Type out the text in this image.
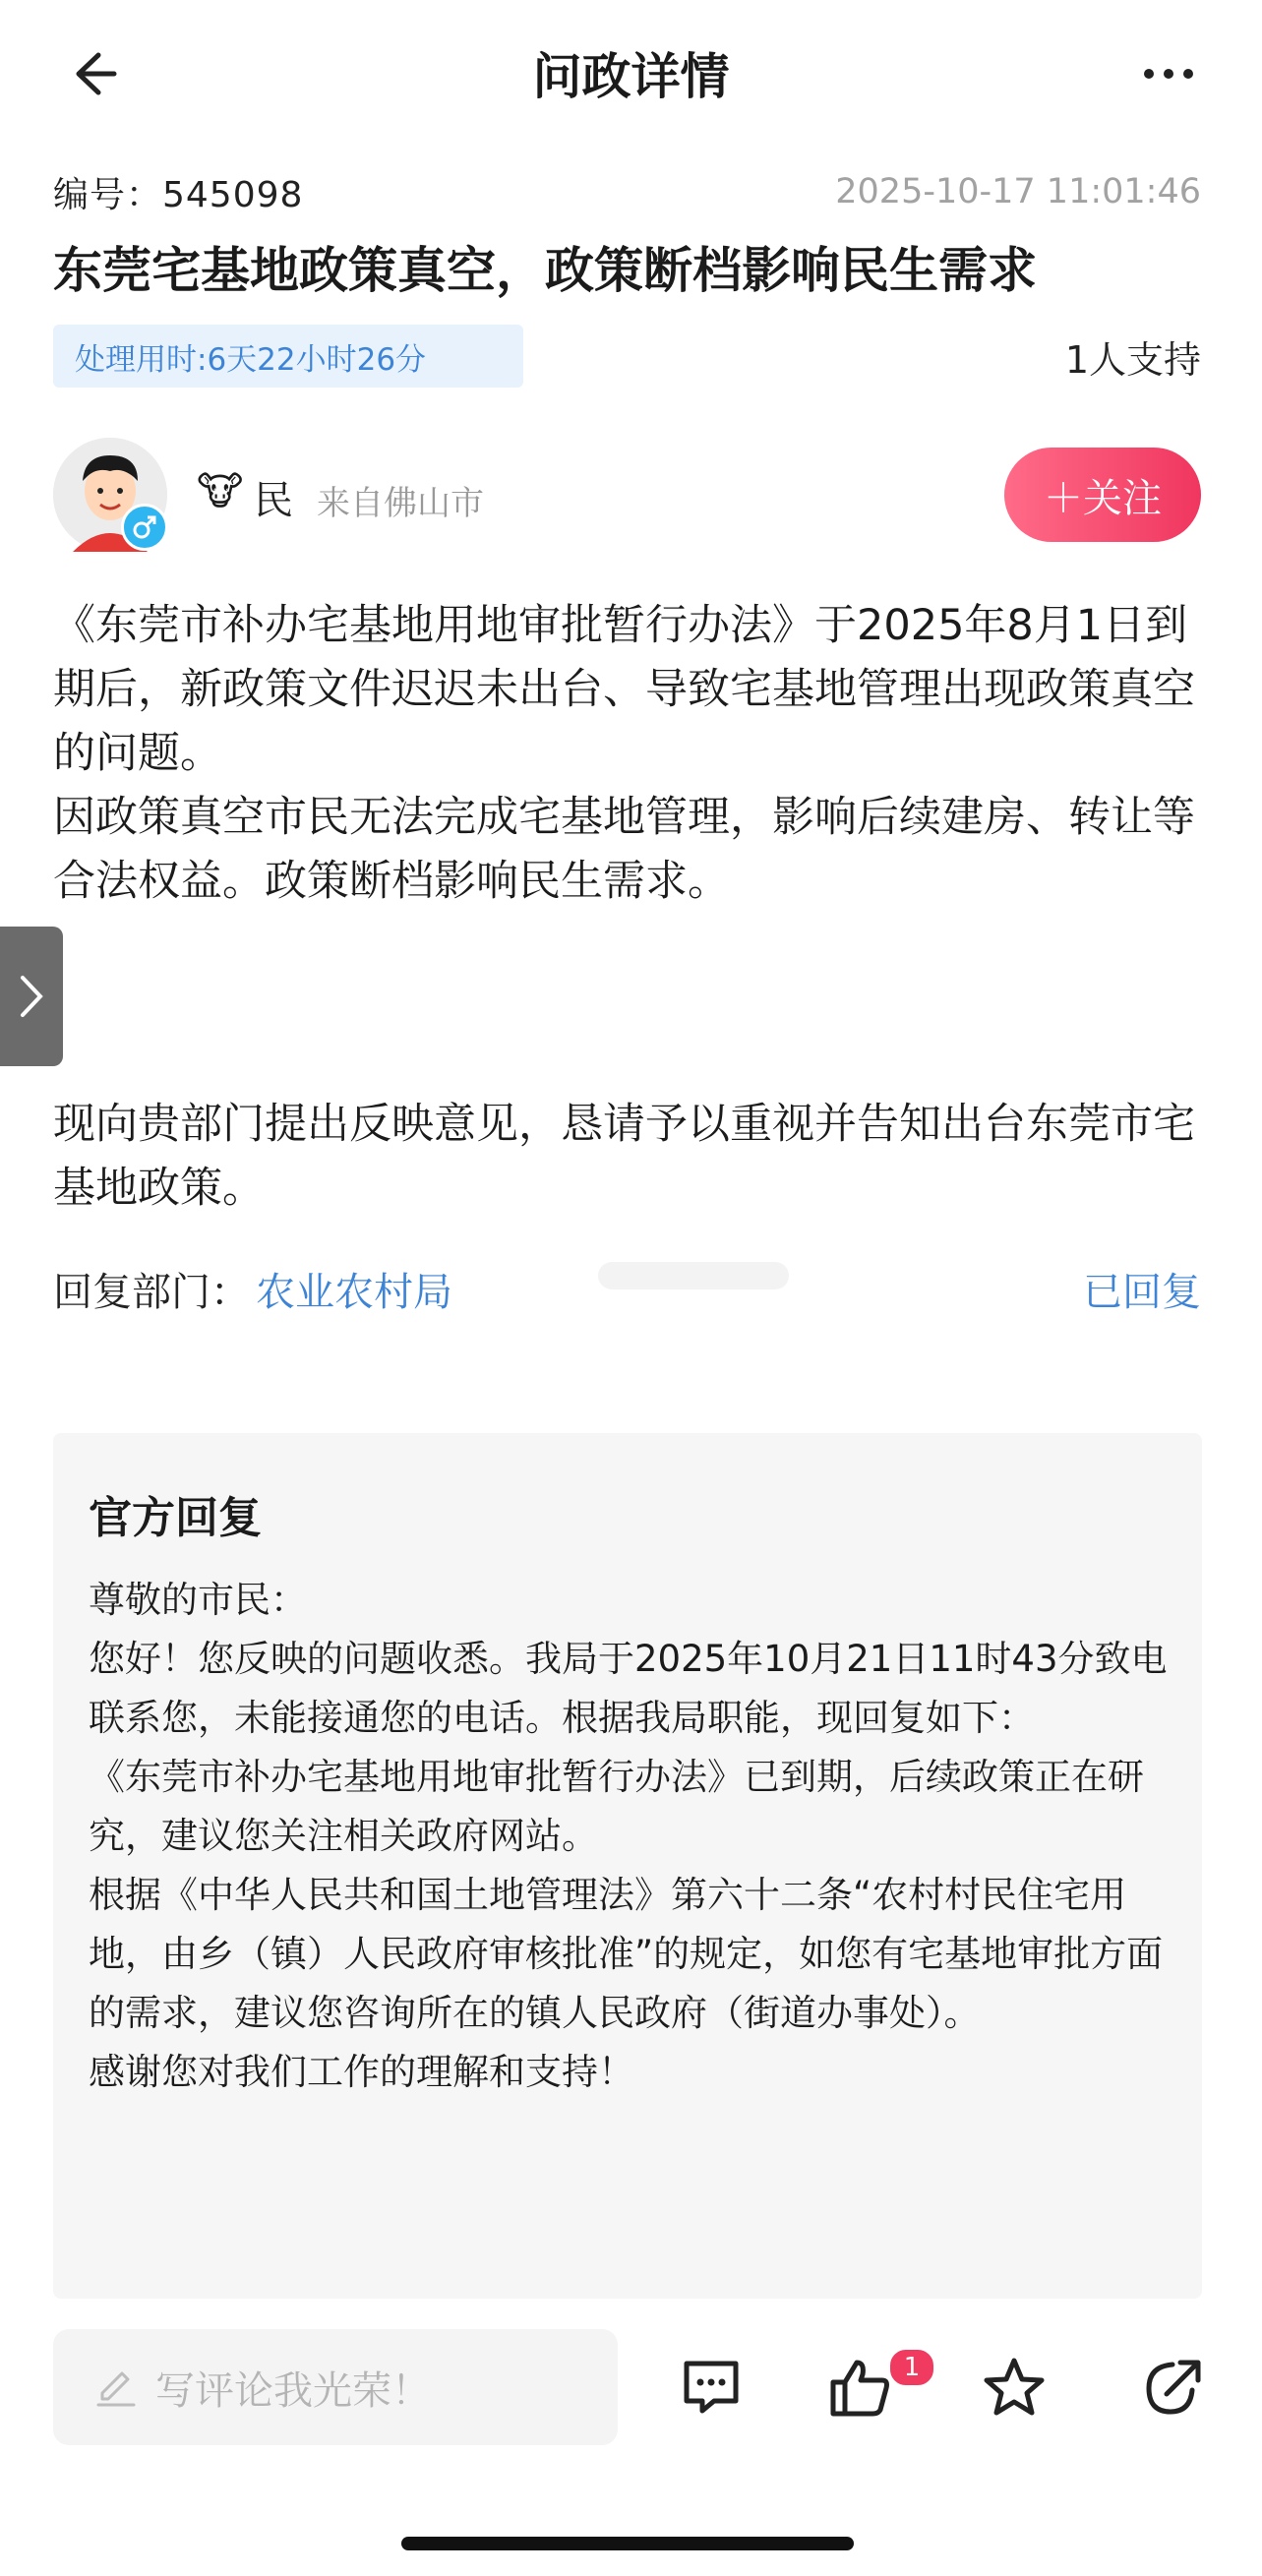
问政详情
编号：545098	2025-10-17 11:01:46
东莞宅基地政策真空，政策断档影响民生需求
处理用时:6天22小时26分	1人支持
🐮 民 来自佛山市	＋关注

《东莞市补办宅基地用地审批暂行办法》于2025年8月1日到期后，新政策文件迟迟未出台、导致宅基地管理出现政策真空的问题。

因政策真空市民无法完成宅基地管理，影响后续建房、转让等合法权益。政策断档影响民生需求。

现向贵部门提出反映意见，恳请予以重视并告知出台东莞市宅基地政策。

回复部门： 农业农村局	已回复
官方回复

尊敬的市民：

您好！您反映的问题收悉。我局于2025年10月21日11时43分致电联系您，未能接通您的电话。根据我局职能，现回复如下：

《东莞市补办宅基地用地审批暂行办法》已到期，后续政策正在研究，建议您关注相关政府网站。

根据《中华人民共和国土地管理法》第六十二条“农村村民住宅用地，由乡（镇）人民政府审核批准”的规定，如您有宅基地审批方面的需求，建议您咨询所在的镇人民政府（街道办事处）。

感谢您对我们工作的理解和支持！

写评论我光荣！
1
